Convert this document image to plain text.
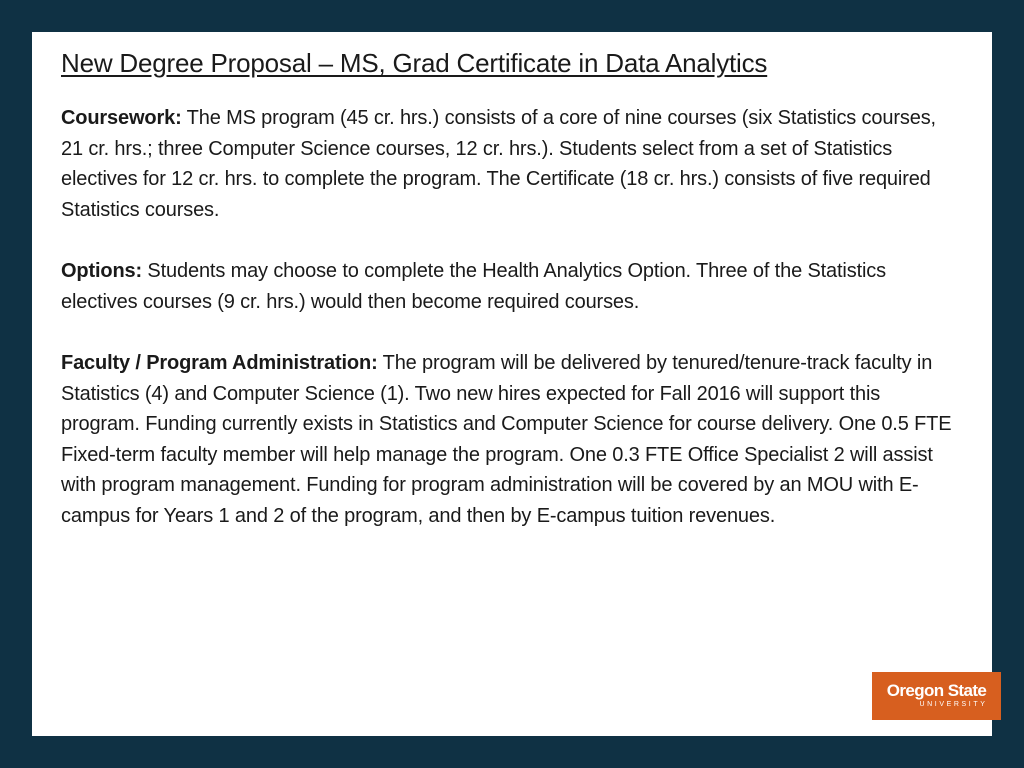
New Degree Proposal – MS, Grad Certificate in Data Analytics
Coursework: The MS program (45 cr. hrs.) consists of a core of nine courses (six Statistics courses, 21 cr. hrs.; three Computer Science courses, 12 cr. hrs.). Students select from a set of Statistics electives for 12 cr. hrs. to complete the program. The Certificate (18 cr. hrs.) consists of five required Statistics courses.
Options: Students may choose to complete the Health Analytics Option. Three of the Statistics electives courses (9 cr. hrs.) would then become required courses.
Faculty / Program Administration: The program will be delivered by tenured/tenure-track faculty in Statistics (4) and Computer Science (1). Two new hires expected for Fall 2016 will support this program. Funding currently exists in Statistics and Computer Science for course delivery. One 0.5 FTE Fixed-term faculty member will help manage the program. One 0.3 FTE Office Specialist 2 will assist with program management. Funding for program administration will be covered by an MOU with E-campus for Years 1 and 2 of the program, and then by E-campus tuition revenues.
Oregon State
UNIVERSITY
